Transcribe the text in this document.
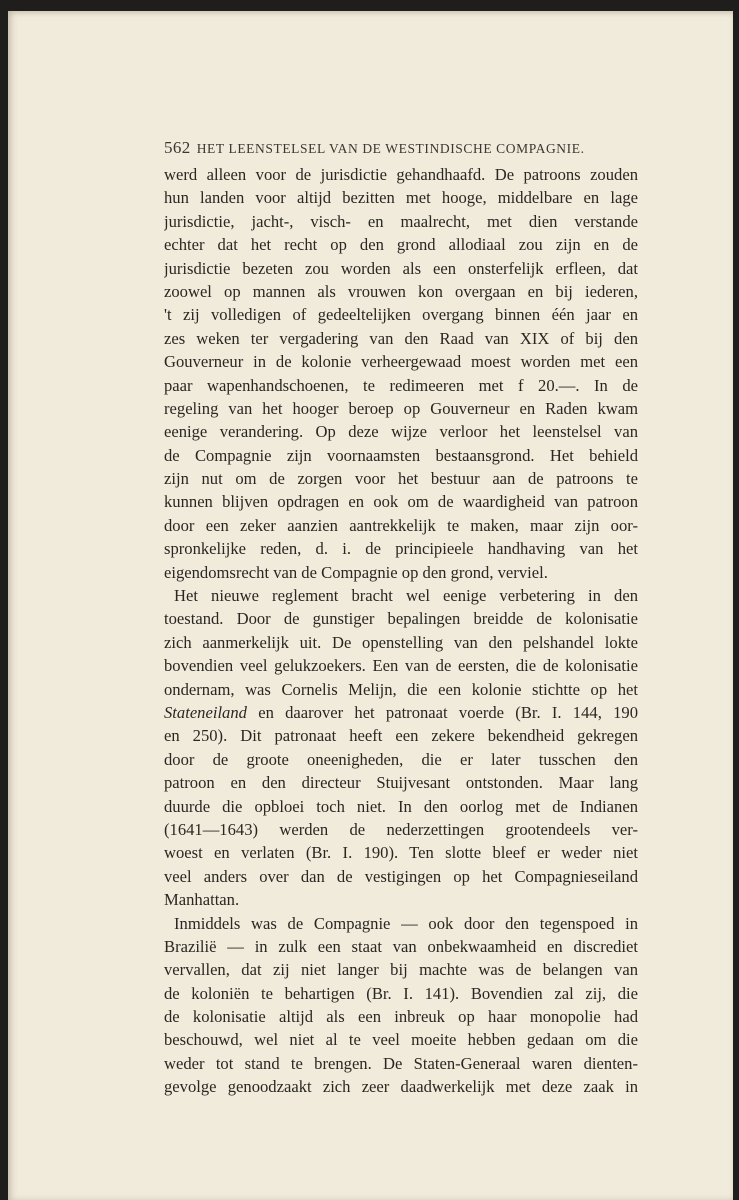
562 HET LEENSTELSEL VAN DE WESTINDISCHE COMPAGNIE.
werd alleen voor de jurisdictie gehandhaafd. De patroons zouden
hun landen voor altijd bezitten met hooge, middelbare en lage
jurisdictie, jacht-, visch- en maalrecht, met dien verstande
echter dat het recht op den grond allodiaal zou zijn en de
jurisdictie bezeten zou worden als een onsterfelijk erfleen, dat
zoowel op mannen als vrouwen kon overgaan en bij iederen,
't zij volledigen of gedeeltelijken overgang binnen één jaar en
zes weken ter vergadering van den Raad van XIX of bij den
Gouverneur in de kolonie verheergewaad moest worden met een
paar wapenhandschoenen, te redimeeren met f 20.—. In de
regeling van het hooger beroep op Gouverneur en Raden kwam
eenige verandering. Op deze wijze verloor het leenstelsel van
de Compagnie zijn voornaamsten bestaansgrond. Het behield
zijn nut om de zorgen voor het bestuur aan de patroons te
kunnen blijven opdragen en ook om de waardigheid van patroon
door een zeker aanzien aantrekkelijk te maken, maar zijn oor-
spronkelijke reden, d. i. de principieele handhaving van het
eigendomsrecht van de Compagnie op den grond, verviel.
Het nieuwe reglement bracht wel eenige verbetering in den
toestand. Door de gunstiger bepalingen breidde de kolonisatie
zich aanmerkelijk uit. De openstelling van den pelshandel lokte
bovendien veel gelukzoekers. Een van de eersten, die de kolonisatie
ondernam, was Cornelis Melijn, die een kolonie stichtte op het
Stateneiland en daarover het patronaat voerde (Br. I. 144, 190
en 250). Dit patronaat heeft een zekere bekendheid gekregen
door de groote oneenigheden, die er later tusschen den
patroon en den directeur Stuijvesant ontstonden. Maar lang
duurde die opbloei toch niet. In den oorlog met de Indianen
(1641—1643) werden de nederzettingen grootendeels ver-
woest en verlaten (Br. I. 190). Ten slotte bleef er weder niet
veel anders over dan de vestigingen op het Compagnieseiland
Manhattan.
Inmiddels was de Compagnie — ook door den tegenspoed in
Brazilië — in zulk een staat van onbekwaamheid en discrediet
vervallen, dat zij niet langer bij machte was de belangen van
de koloniën te behartigen (Br. I. 141). Bovendien zal zij, die
de kolonisatie altijd als een inbreuk op haar monopolie had
beschouwd, wel niet al te veel moeite hebben gedaan om die
weder tot stand te brengen. De Staten-Generaal waren dienten-
gevolge genoodzaakt zich zeer daadwerkelijk met deze zaak in
